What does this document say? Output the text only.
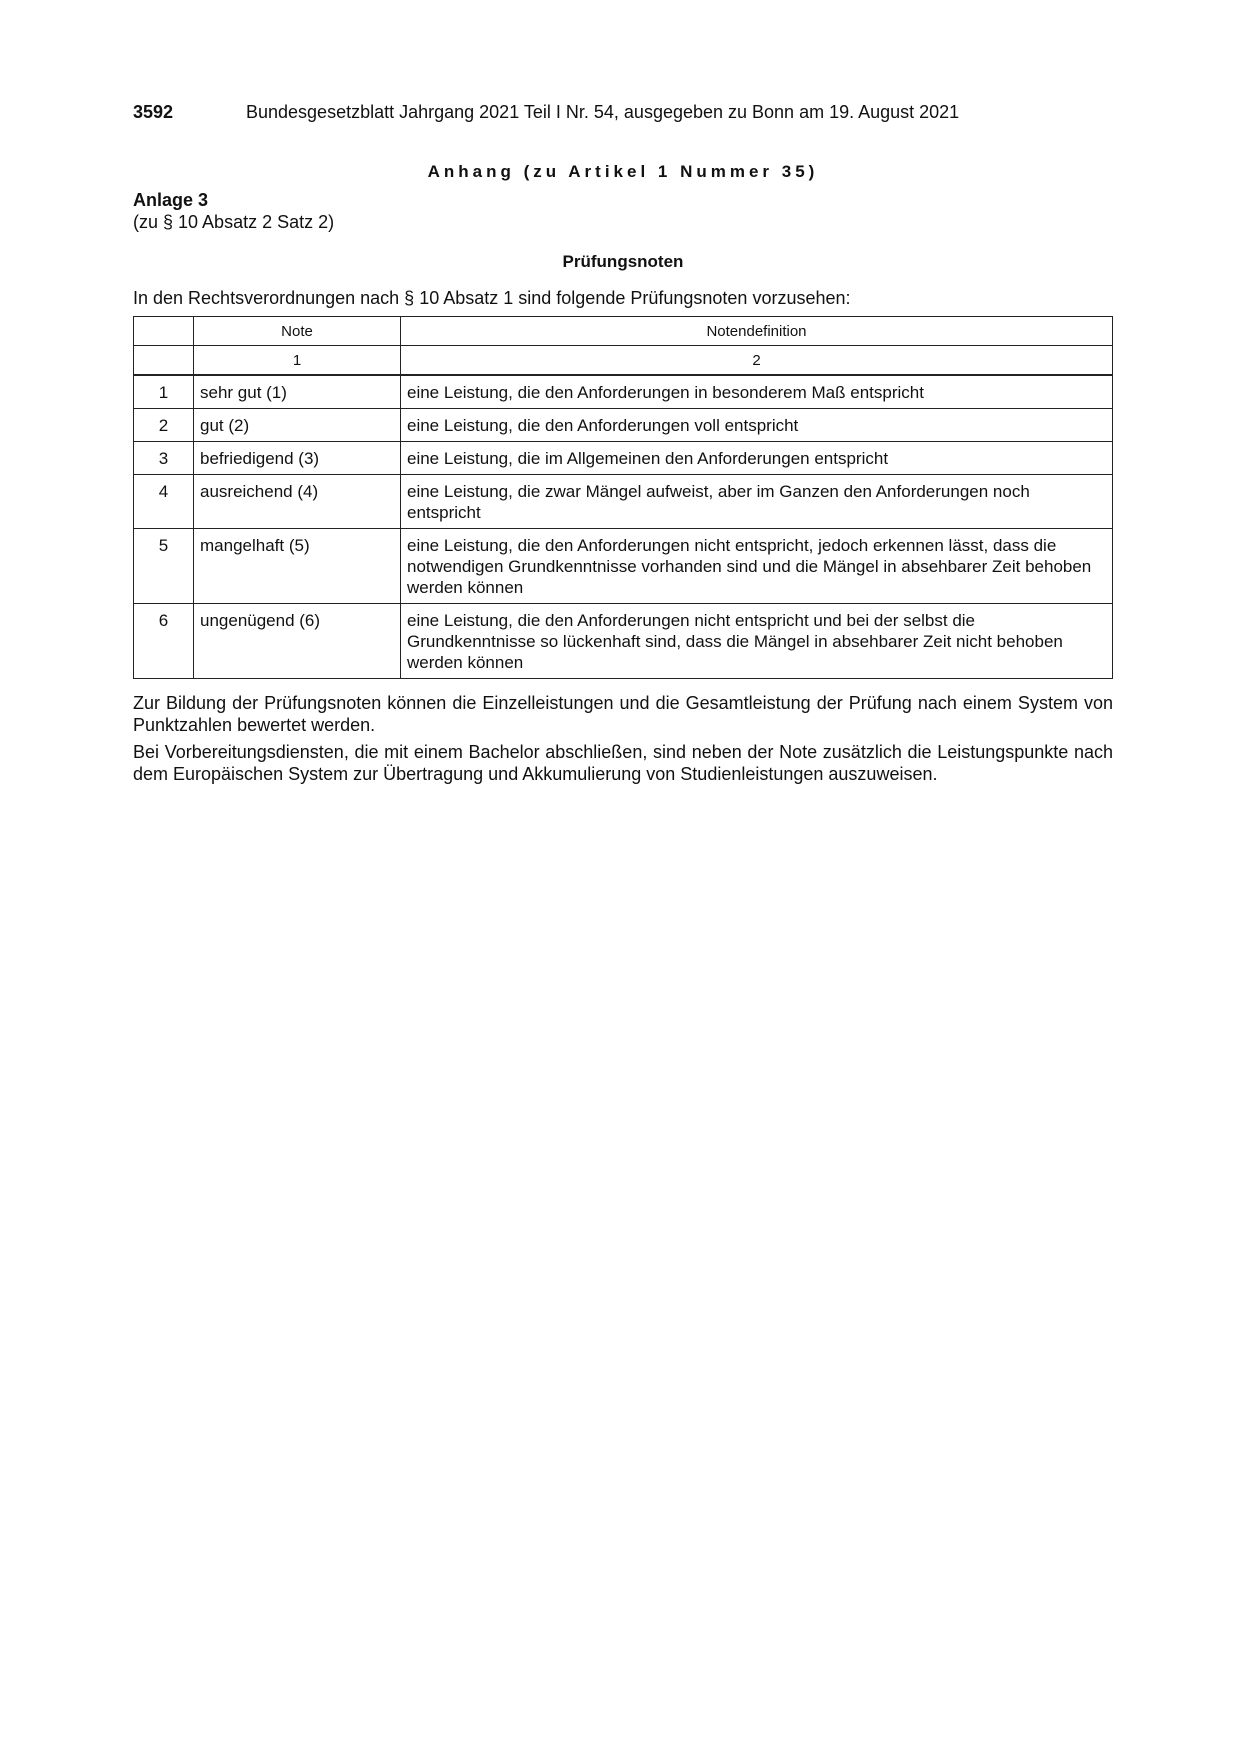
3592	Bundesgesetzblatt Jahrgang 2021 Teil I Nr. 54, ausgegeben zu Bonn am 19. August 2021
Anhang (zu Artikel 1 Nummer 35)
Anlage 3
(zu § 10 Absatz 2 Satz 2)
Prüfungsnoten
In den Rechtsverordnungen nach § 10 Absatz 1 sind folgende Prüfungsnoten vorzusehen:
	Note	Notendefinition
	1	2
1	sehr gut (1)	eine Leistung, die den Anforderungen in besonderem Maß entspricht
2	gut (2)	eine Leistung, die den Anforderungen voll entspricht
3	befriedigend (3)	eine Leistung, die im Allgemeinen den Anforderungen entspricht
4	ausreichend (4)	eine Leistung, die zwar Mängel aufweist, aber im Ganzen den Anforderungen noch entspricht
5	mangelhaft (5)	eine Leistung, die den Anforderungen nicht entspricht, jedoch erkennen lässt, dass die notwendigen Grundkenntnisse vorhanden sind und die Mängel in absehbarer Zeit behoben werden können
6	ungenügend (6)	eine Leistung, die den Anforderungen nicht entspricht und bei der selbst die Grundkenntnisse so lückenhaft sind, dass die Mängel in absehbarer Zeit nicht behoben werden können
Zur Bildung der Prüfungsnoten können die Einzelleistungen und die Gesamtleistung der Prüfung nach einem System von Punktzahlen bewertet werden.
Bei Vorbereitungsdiensten, die mit einem Bachelor abschließen, sind neben der Note zusätzlich die Leistungspunkte nach dem Europäischen System zur Übertragung und Akkumulierung von Studienleistungen auszuweisen.
